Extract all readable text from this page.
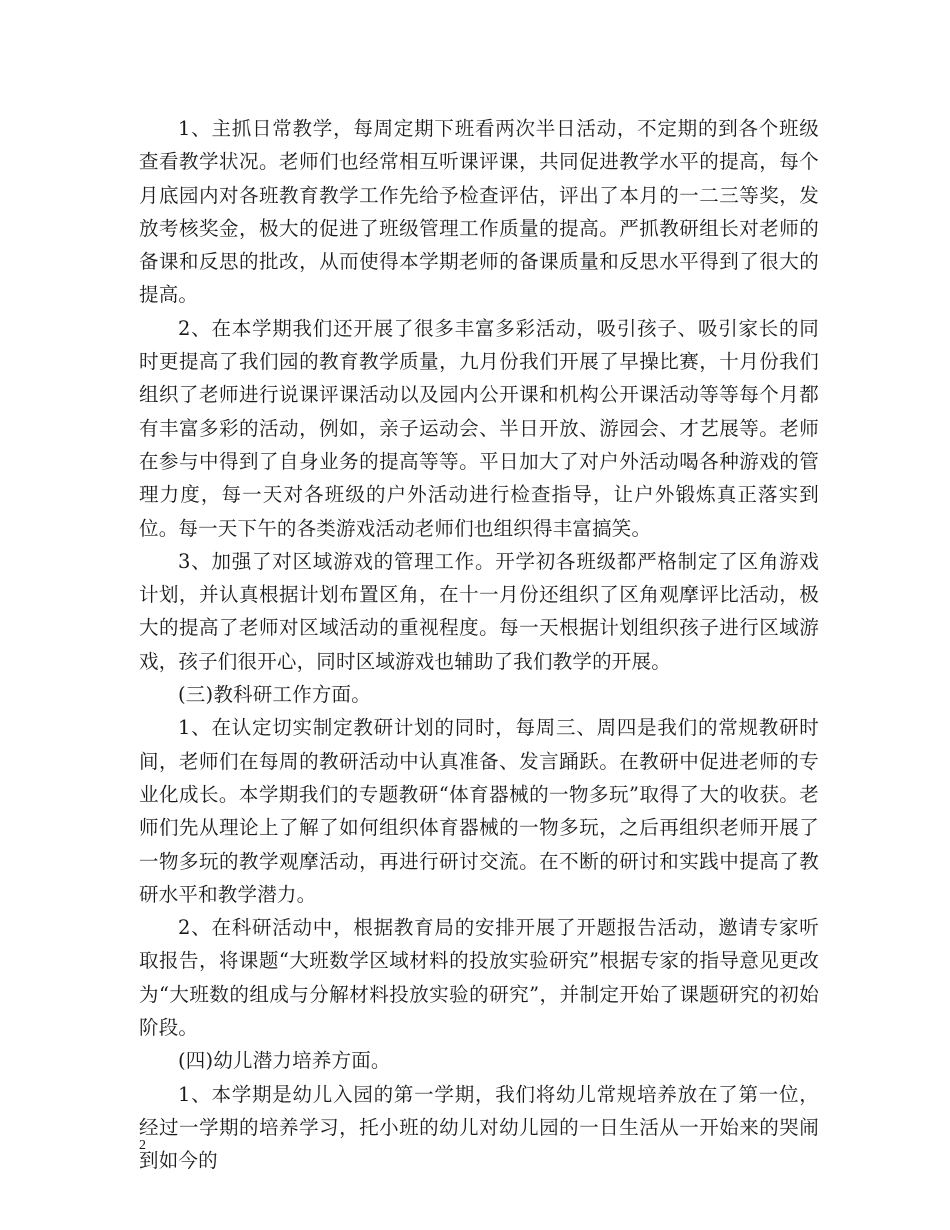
1、主抓日常教学，每周定期下班看两次半日活动，不定期的到各个班级查看教学状况。老师们也经常相互听课评课，共同促进教学水平的提高，每个月底园内对各班教育教学工作先给予检查评估，评出了本月的一二三等奖，发放考核奖金，极大的促进了班级管理工作质量的提高。严抓教研组长对老师的备课和反思的批改，从而使得本学期老师的备课质量和反思水平得到了很大的提高。

2、在本学期我们还开展了很多丰富多彩活动，吸引孩子、吸引家长的同时更提高了我们园的教育教学质量，九月份我们开展了早操比赛，十月份我们组织了老师进行说课评课活动以及园内公开课和机构公开课活动等等每个月都有丰富多彩的活动，例如，亲子运动会、半日开放、游园会、才艺展等。老师在参与中得到了自身业务的提高等等。平日加大了对户外活动喝各种游戏的管理力度，每一天对各班级的户外活动进行检查指导，让户外锻炼真正落实到位。每一天下午的各类游戏活动老师们也组织得丰富搞笑。

3、加强了对区域游戏的管理工作。开学初各班级都严格制定了区角游戏计划，并认真根据计划布置区角，在十一月份还组织了区角观摩评比活动，极大的提高了老师对区域活动的重视程度。每一天根据计划组织孩子进行区域游戏，孩子们很开心，同时区域游戏也辅助了我们教学的开展。

(三)教科研工作方面。

1、在认定切实制定教研计划的同时，每周三、周四是我们的常规教研时间，老师们在每周的教研活动中认真准备、发言踊跃。在教研中促进老师的专业化成长。本学期我们的专题教研“体育器械的一物多玩”取得了大的收获。老师们先从理论上了解了如何组织体育器械的一物多玩，之后再组织老师开展了一物多玩的教学观摩活动，再进行研讨交流。在不断的研讨和实践中提高了教研水平和教学潜力。

2、在科研活动中，根据教育局的安排开展了开题报告活动，邀请专家听取报告，将课题“大班数学区域材料的投放实验研究”根据专家的指导意见更改为“大班数的组成与分解材料投放实验的研究”，并制定开始了课题研究的初始阶段。

(四)幼儿潜力培养方面。

1、本学期是幼儿入园的第一学期，我们将幼儿常规培养放在了第一位，经过一学期的培养学习，托小班的幼儿对幼儿园的一日生活从一开始来的哭闹到如今的

2
